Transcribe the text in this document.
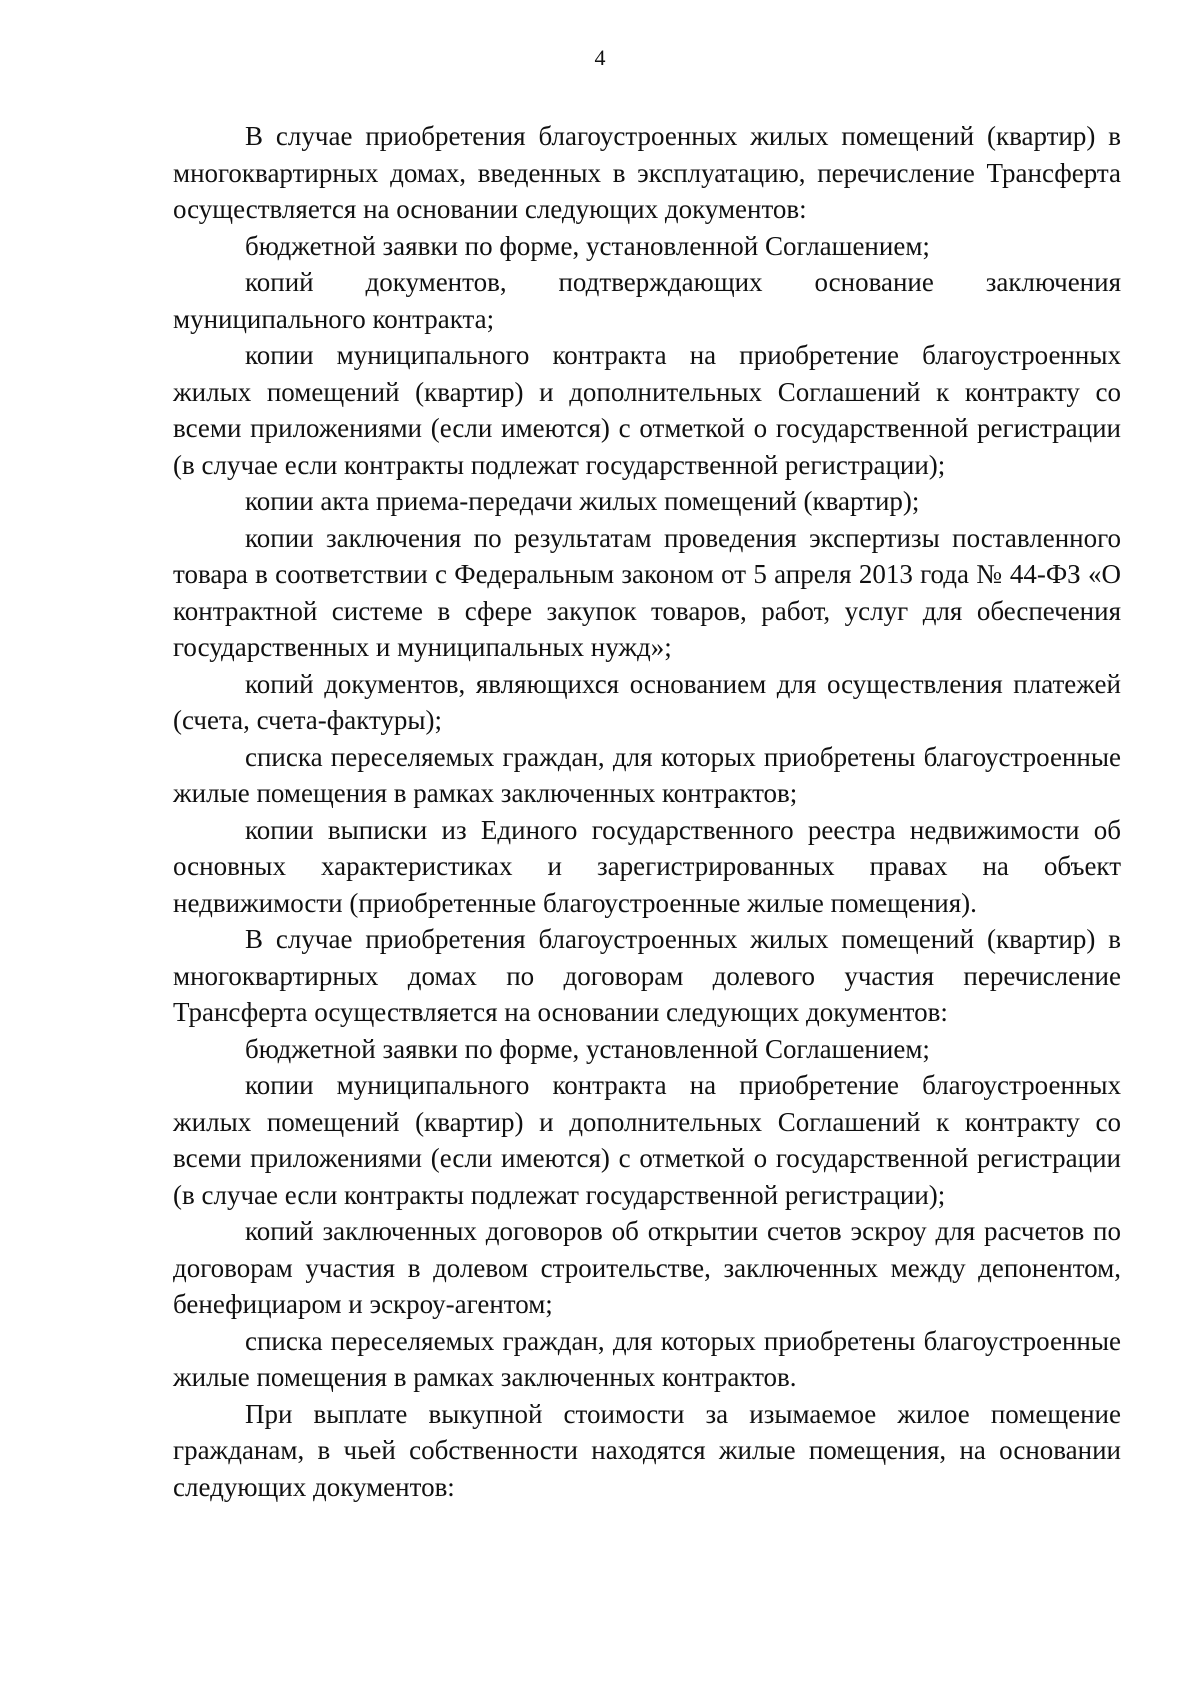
4

В случае приобретения благоустроенных жилых помещений (квартир) в многоквартирных домах, введенных в эксплуатацию, перечисление Трансферта осуществляется на основании следующих документов:

бюджетной заявки по форме, установленной Соглашением;

копий документов, подтверждающих основание заключения муниципального контракта;

копии муниципального контракта на приобретение благоустроенных жилых помещений (квартир) и дополнительных Соглашений к контракту со всеми приложениями (если имеются) с отметкой о государственной регистрации (в случае если контракты подлежат государственной регистрации);

копии акта приема-передачи жилых помещений (квартир);

копии заключения по результатам проведения экспертизы поставленного товара в соответствии с Федеральным законом от 5 апреля 2013 года № 44-ФЗ «О контрактной системе в сфере закупок товаров, работ, услуг для обеспечения государственных и муниципальных нужд»;

копий документов, являющихся основанием для осуществления платежей (счета, счета-фактуры);

списка переселяемых граждан, для которых приобретены благоустроенные жилые помещения в рамках заключенных контрактов;

копии выписки из Единого государственного реестра недвижимости об основных характеристиках и зарегистрированных правах на объект недвижимости (приобретенные благоустроенные жилые помещения).

В случае приобретения благоустроенных жилых помещений (квартир) в многоквартирных домах по договорам долевого участия перечисление Трансферта осуществляется на основании следующих документов:

бюджетной заявки по форме, установленной Соглашением;

копии муниципального контракта на приобретение благоустроенных жилых помещений (квартир) и дополнительных Соглашений к контракту со всеми приложениями (если имеются) с отметкой о государственной регистрации (в случае если контракты подлежат государственной регистрации);

копий заключенных договоров об открытии счетов эскроу для расчетов по договорам участия в долевом строительстве, заключенных между депонентом, бенефициаром и эскроу-агентом;

списка переселяемых граждан, для которых приобретены благоустроенные жилые помещения в рамках заключенных контрактов.

При выплате выкупной стоимости за изымаемое жилое помещение гражданам, в чьей собственности находятся жилые помещения, на основании следующих документов:
